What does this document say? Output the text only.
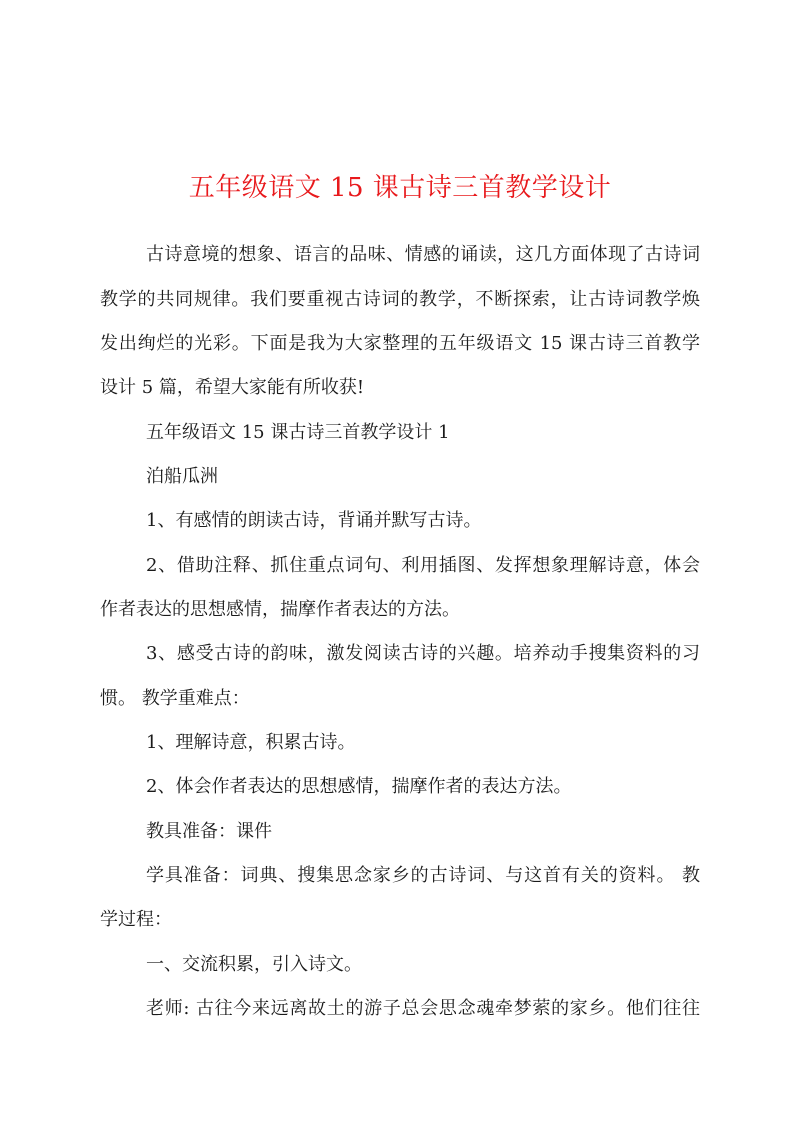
五年级语文 15 课古诗三首教学设计
古诗意境的想象、语言的品味、情感的诵读，这几方面体现了古诗词
教学的共同规律。我们要重视古诗词的教学，不断探索，让古诗词教学焕
发出绚烂的光彩。下面是我为大家整理的五年级语文 15 课古诗三首教学
设计 5 篇，希望大家能有所收获!
五年级语文 15 课古诗三首教学设计 1
泊船瓜洲
1、有感情的朗读古诗，背诵并默写古诗。
2、借助注释、抓住重点词句、利用插图、发挥想象理解诗意，体会
作者表达的思想感情，揣摩作者表达的方法。
3、感受古诗的韵味，激发阅读古诗的兴趣。培养动手搜集资料的习
惯。 教学重难点：
1、理解诗意，积累古诗。
2、体会作者表达的思想感情，揣摩作者的表达方法。
教具准备：课件
学具准备：词典、搜集思念家乡的古诗词、与这首有关的资料。 教
学过程：
一、交流积累，引入诗文。
老师: 古往今来远离故土的游子总会思念魂牵梦萦的家乡。他们往往
